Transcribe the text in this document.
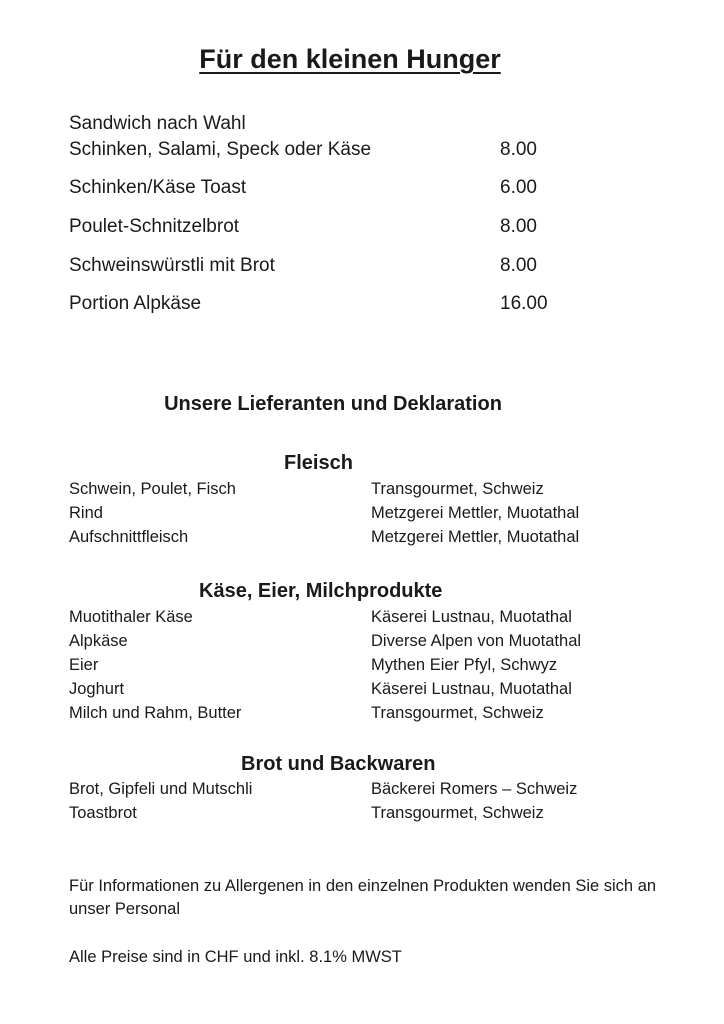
Für den kleinen Hunger
Sandwich nach Wahl
Schinken, Salami, Speck oder Käse	8.00
Schinken/Käse Toast	6.00
Poulet-Schnitzelbrot	8.00
Schweinswürstli mit Brot	8.00
Portion Alpkäse	16.00
Unsere Lieferanten und Deklaration
Fleisch
Schwein, Poulet, Fisch	Transgourmet, Schweiz
Rind	Metzgerei Mettler, Muotathal
Aufschnittfleisch	Metzgerei Mettler, Muotathal
Käse, Eier, Milchprodukte
Muotithaler Käse	Käserei Lustnau, Muotathal
Alpkäse	Diverse Alpen von Muotathal
Eier	Mythen Eier Pfyl, Schwyz
Joghurt	Käserei Lustnau, Muotathal
Milch und Rahm, Butter	Transgourmet, Schweiz
Brot und Backwaren
Brot, Gipfeli und Mutschli	Bäckerei Romers – Schweiz
Toastbrot	Transgourmet, Schweiz
Für Informationen zu Allergenen in den einzelnen Produkten wenden Sie sich an
unser Personal
Alle Preise sind in CHF und inkl. 8.1% MWST
